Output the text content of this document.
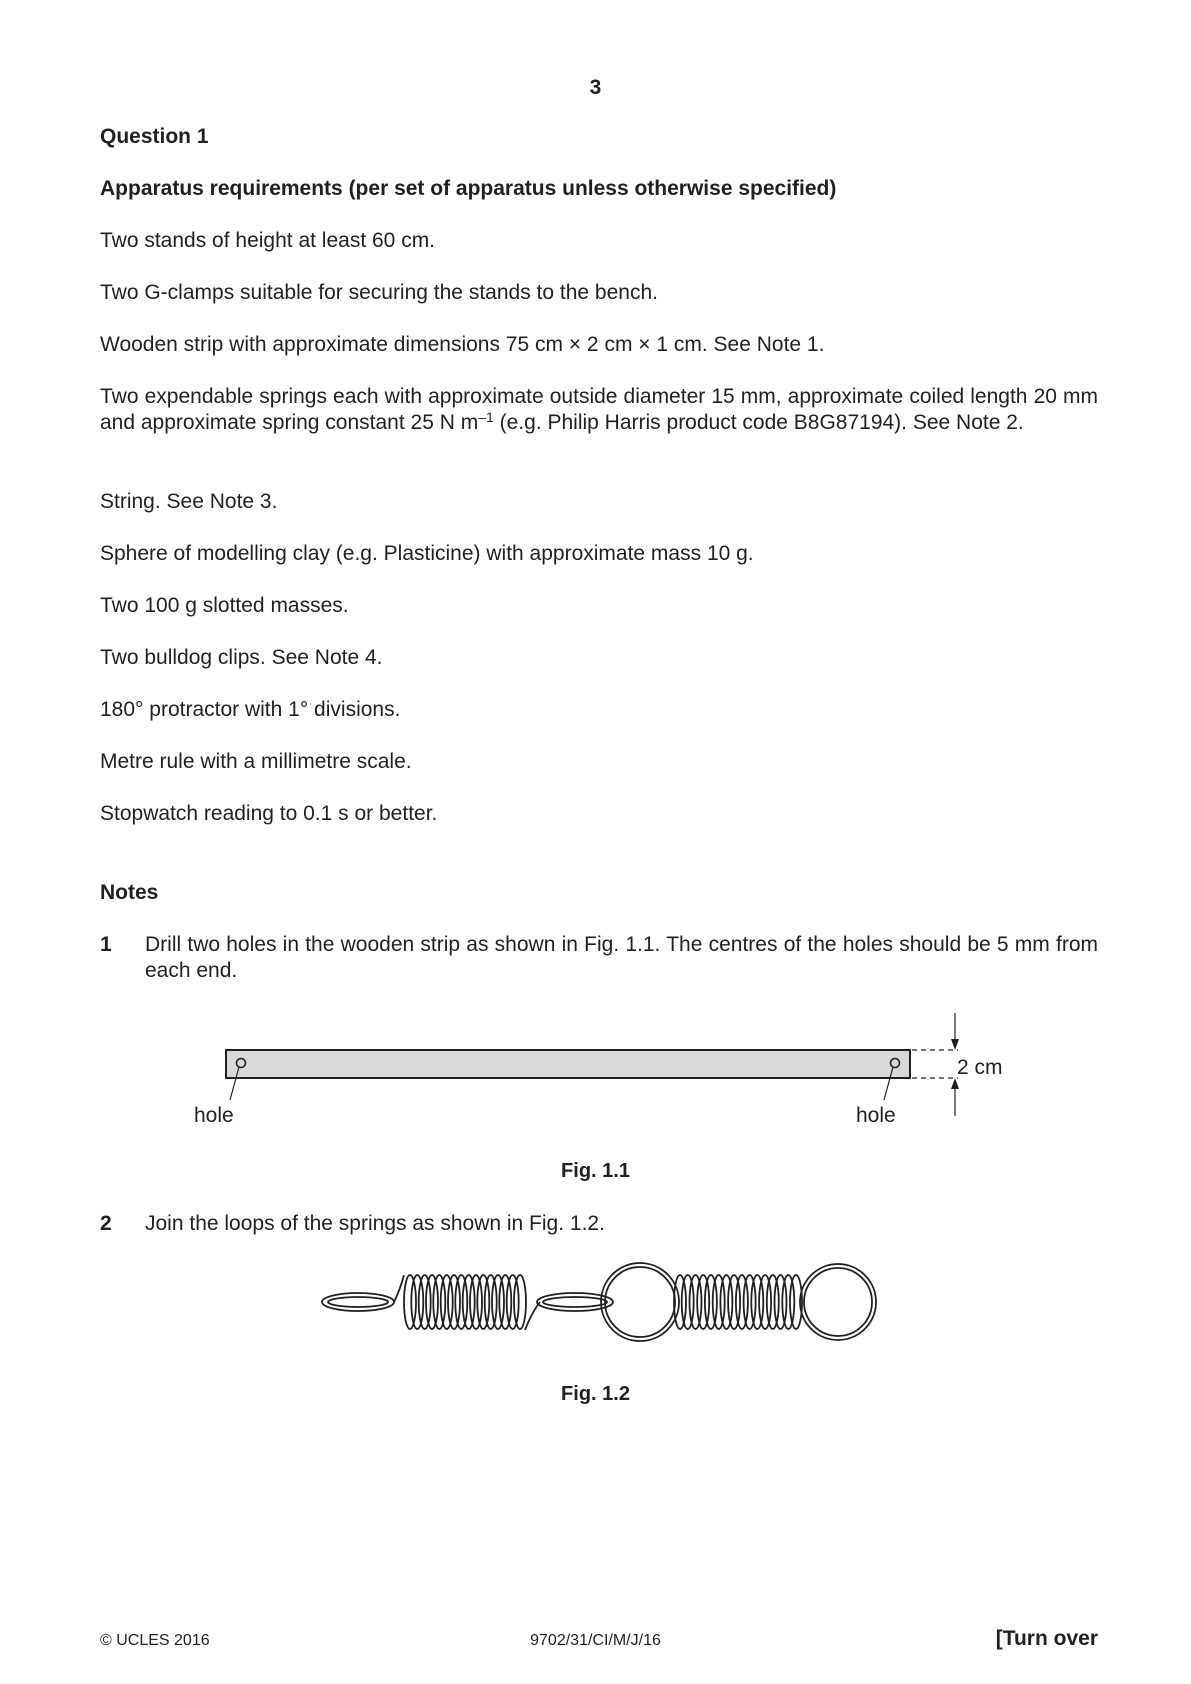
3
Question 1
Apparatus requirements (per set of apparatus unless otherwise specified)
Two stands of height at least 60 cm.
Two G-clamps suitable for securing the stands to the bench.
Wooden strip with approximate dimensions 75 cm × 2 cm × 1 cm. See Note 1.
Two expendable springs each with approximate outside diameter 15 mm, approximate coiled length 20 mm and approximate spring constant 25 N $m^{-1}$ (e.g. Philip Harris product code B8G87194). See Note 2.
String. See Note 3.
Sphere of modelling clay (e.g. Plasticine) with approximate mass 10 g.
Two 100 g slotted masses.
Two bulldog clips. See Note 4.
180° protractor with 1° divisions.
Metre rule with a millimetre scale.
Stopwatch reading to 0.1 s or better.
Notes
1 Drill two holes in the wooden strip as shown in Fig. 1.1. The centres of the holes should be 5 mm from each end.
hole	hole
2 cm
Fig. 1.1
2 Join the loops of the springs as shown in Fig. 1.2.
Fig. 1.2
© UCLES 2016	9702/31/CI/M/J/16	[Turn over
